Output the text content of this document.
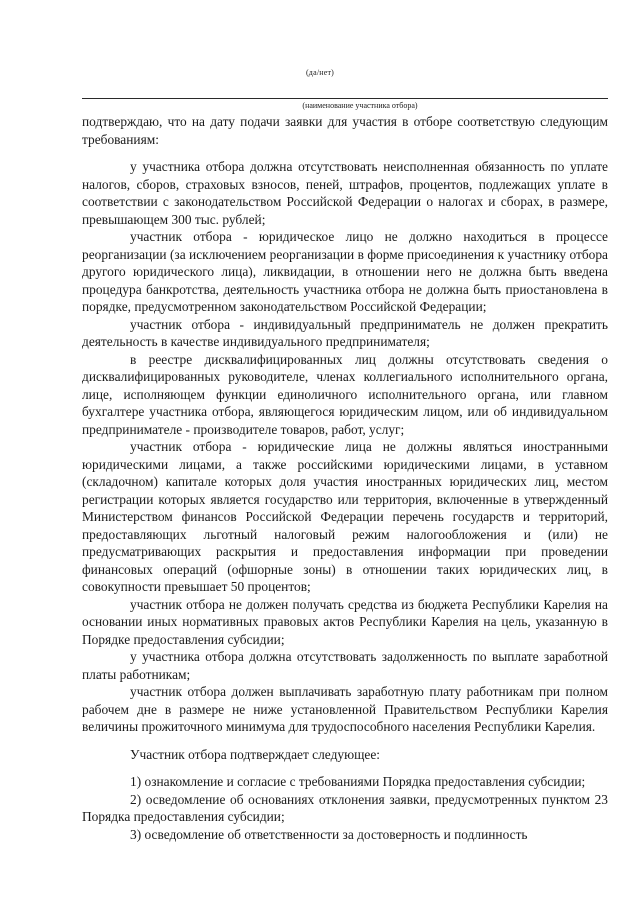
(да/нет)
(наименование участника отбора)

подтверждаю, что на дату подачи заявки для участия в отборе соответствую следующим требованиям:

у участника отбора должна отсутствовать неисполненная обязанность по уплате налогов, сборов, страховых взносов, пеней, штрафов, процентов, подлежащих уплате в соответствии с законодательством Российской Федерации о налогах и сборах, в размере, превышающем 300 тыс. рублей;

участник отбора - юридическое лицо не должно находиться в процессе реорганизации (за исключением реорганизации в форме присоединения к участнику отбора другого юридического лица), ликвидации, в отношении него не должна быть введена процедура банкротства, деятельность участника отбора не должна быть приостановлена в порядке, предусмотренном законодательством Российской Федерации;

участник отбора - индивидуальный предприниматель не должен прекратить деятельность в качестве индивидуального предпринимателя;

в реестре дисквалифицированных лиц должны отсутствовать сведения о дисквалифицированных руководителе, членах коллегиального исполнительного органа, лице, исполняющем функции единоличного исполнительного органа, или главном бухгалтере участника отбора, являющегося юридическим лицом, или об индивидуальном предпринимателе - производителе товаров, работ, услуг;

участник отбора - юридические лица не должны являться иностранными юридическими лицами, а также российскими юридическими лицами, в уставном (складочном) капитале которых доля участия иностранных юридических лиц, местом регистрации которых является государство или территория, включенные в утвержденный Министерством финансов Российской Федерации перечень государств и территорий, предоставляющих льготный налоговый режим налогообложения и (или) не предусматривающих раскрытия и предоставления информации при проведении финансовых операций (офшорные зоны) в отношении таких юридических лиц, в совокупности превышает 50 процентов;

участник отбора не должен получать средства из бюджета Республики Карелия на основании иных нормативных правовых актов Республики Карелия на цель, указанную в Порядке предоставления субсидии;

у участника отбора должна отсутствовать задолженность по выплате заработной платы работникам;

участник отбора должен выплачивать заработную плату работникам при полном рабочем дне в размере не ниже установленной Правительством Республики Карелия величины прожиточного минимума для трудоспособного населения Республики Карелия.

Участник отбора подтверждает следующее:

1) ознакомление и согласие с требованиями Порядка предоставления субсидии;

2) осведомление об основаниях отклонения заявки, предусмотренных пунктом 23 Порядка предоставления субсидии;

3) осведомление об ответственности за достоверность и подлинность
